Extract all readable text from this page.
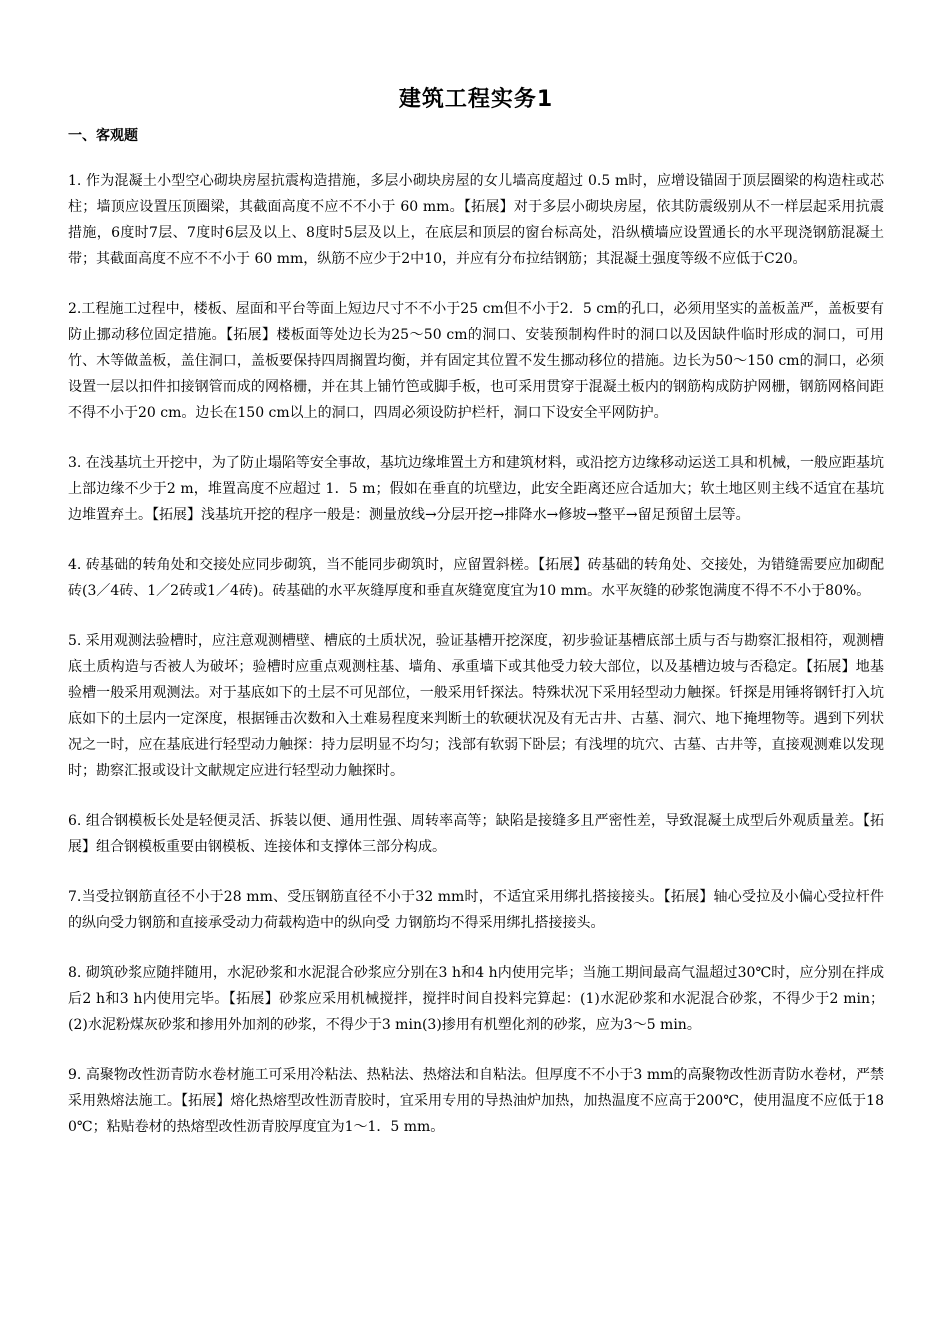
建筑工程实务1
一、客观题

1. 作为混凝土小型空心砌块房屋抗震构造措施，多层小砌块房屋的女儿墙高度超过 0.5 m时，应增设锚固于顶层圈梁的构造柱或芯柱；墙顶应设置压顶圈梁，其截面高度不应不不小于 60 mm。【拓展】对于多层小砌块房屋，依其防震级别从不一样层起采用抗震措施，6度时7层、7度时6层及以上、8度时5层及以上，在底层和顶层的窗台标高处，沿纵横墙应设置通长的水平现浇钢筋混凝土带；其截面高度不应不不小于 60 mm，纵筋不应少于2中10，并应有分布拉结钢筋；其混凝土强度等级不应低于C20。

2.工程施工过程中，楼板、屋面和平台等面上短边尺寸不不小于25 cm但不小于2．5 cm的孔口，必须用坚实的盖板盖严，盖板要有防止挪动移位固定措施。【拓展】楼板面等处边长为25～50 cm的洞口、安装预制构件时的洞口以及因缺件临时形成的洞口，可用竹、木等做盖板，盖住洞口，盖板要保持四周搁置均衡，并有固定其位置不发生挪动移位的措施。边长为50～150 cm的洞口，必须设置一层以扣件扣接钢管而成的网格栅，并在其上铺竹笆或脚手板，也可采用贯穿于混凝土板内的钢筋构成防护网栅，钢筋网格间距不得不小于20 cm。边长在150 cm以上的洞口，四周必须设防护栏杆，洞口下设安全平网防护。

3. 在浅基坑土开挖中，为了防止塌陷等安全事故，基坑边缘堆置土方和建筑材料，或沿挖方边缘移动运送工具和机械，一般应距基坑上部边缘不少于2 m，堆置高度不应超过 1．5 m；假如在垂直的坑壁边，此安全距离还应合适加大；软土地区则主线不适宜在基坑边堆置弃土。【拓展】浅基坑开挖的程序一般是：测量放线→分层开挖→排降水→修坡→整平→留足预留土层等。

4. 砖基础的转角处和交接处应同步砌筑，当不能同步砌筑时，应留置斜槎。【拓展】砖基础的转角处、交接处，为错缝需要应加砌配砖(3／4砖、1／2砖或1／4砖)。砖基础的水平灰缝厚度和垂直灰缝宽度宜为10 mm。水平灰缝的砂浆饱满度不得不不小于80%。

5. 采用观测法验槽时，应注意观测槽壁、槽底的土质状况，验证基槽开挖深度，初步验证基槽底部土质与否与勘察汇报相符，观测槽底土质构造与否被人为破坏；验槽时应重点观测柱基、墙角、承重墙下或其他受力较大部位，以及基槽边坡与否稳定。【拓展】地基验槽一般采用观测法。对于基底如下的土层不可见部位，一般采用钎探法。特殊状况下采用轻型动力触探。钎探是用锤将钢钎打入坑底如下的土层内一定深度，根据锤击次数和入土难易程度来判断土的软硬状况及有无古井、古墓、洞穴、地下掩埋物等。遇到下列状况之一时，应在基底进行轻型动力触探：持力层明显不均匀；浅部有软弱下卧层；有浅埋的坑穴、古墓、古井等，直接观测难以发现时；勘察汇报或设计文献规定应进行轻型动力触探时。

6. 组合钢模板长处是轻便灵活、拆装以便、通用性强、周转率高等；缺陷是接缝多且严密性差，导致混凝土成型后外观质量差。【拓展】组合钢模板重要由钢模板、连接体和支撑体三部分构成。

7.当受拉钢筋直径不小于28 mm、受压钢筋直径不小于32 mm时，不适宜采用绑扎搭接接头。【拓展】轴心受拉及小偏心受拉杆件的纵向受力钢筋和直接承受动力荷载构造中的纵向受 力钢筋均不得采用绑扎搭接接头。

8. 砌筑砂浆应随拌随用，水泥砂浆和水泥混合砂浆应分别在3 h和4 h内使用完毕；当施工期间最高气温超过30℃时，应分别在拌成后2 h和3 h内使用完毕。【拓展】砂浆应采用机械搅拌，搅拌时间自投料完算起：(1)水泥砂浆和水泥混合砂浆，不得少于2 min；(2)水泥粉煤灰砂浆和掺用外加剂的砂浆，不得少于3 min(3)掺用有机塑化剂的砂浆，应为3～5 min。

9. 高聚物改性沥青防水卷材施工可采用冷粘法、热粘法、热熔法和自粘法。但厚度不不小于3 mm的高聚物改性沥青防水卷材，严禁采用熟熔法施工。【拓展】熔化热熔型改性沥青胶时，宜采用专用的导热油炉加热，加热温度不应高于200℃，使用温度不应低于180℃；粘贴卷材的热熔型改性沥青胶厚度宜为1～1．5 mm。
